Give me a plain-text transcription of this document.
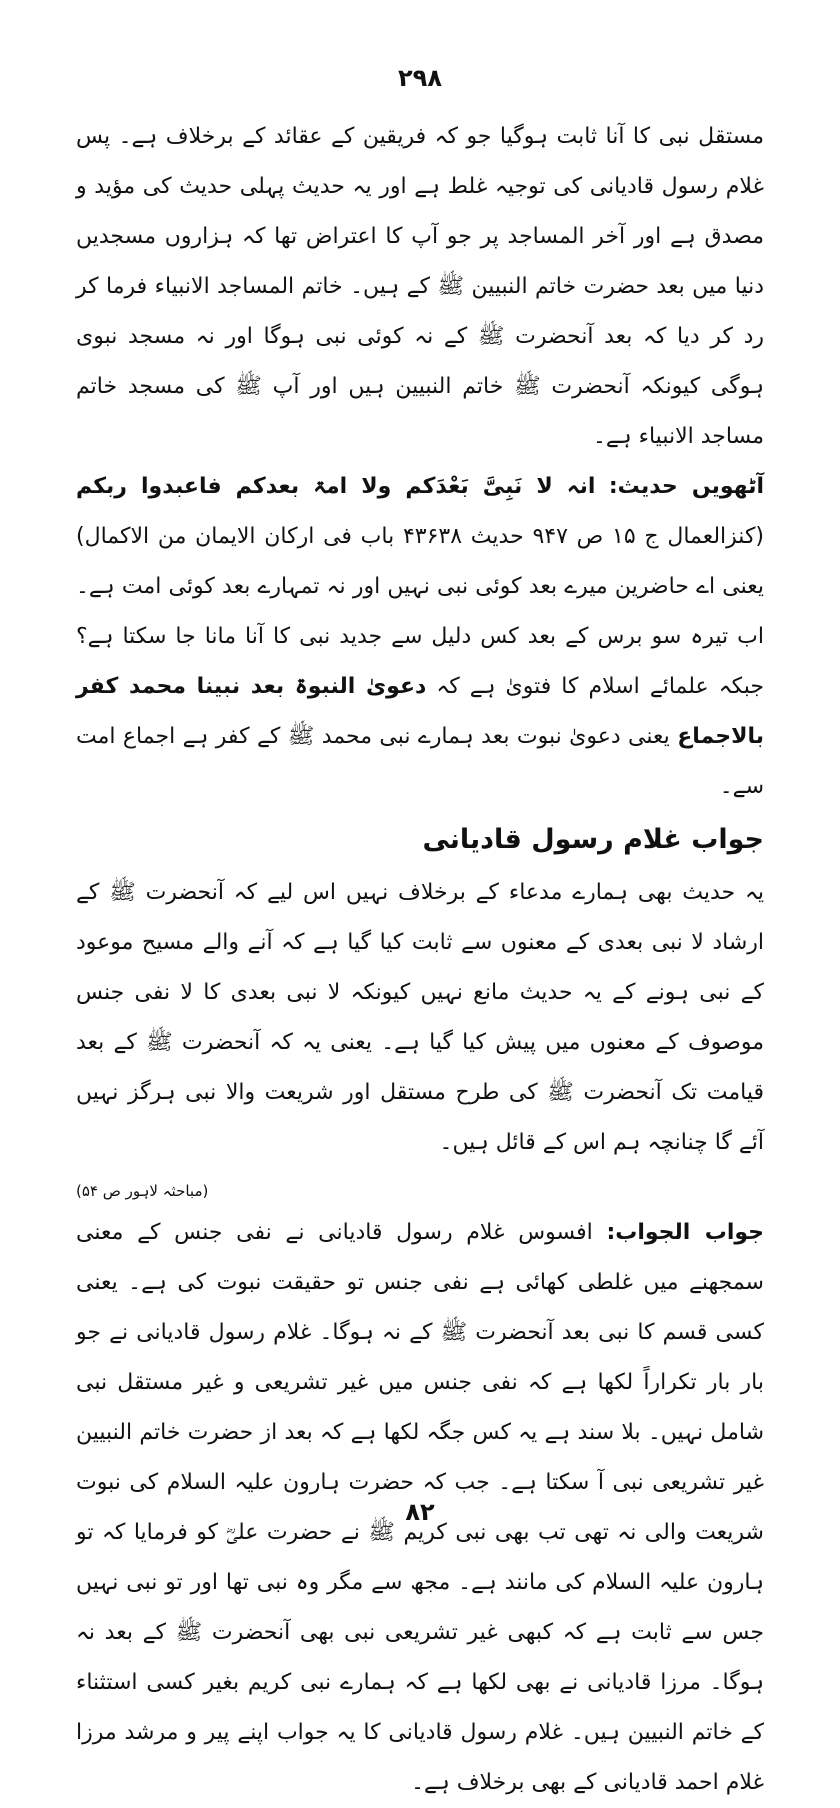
۲۹۸

مستقل نبی کا آنا ثابت ہوگیا جو کہ فریقین کے عقائد کے برخلاف ہے۔ پس غلام رسول قادیانی کی توجیہ غلط ہے اور یہ حدیث پہلی حدیث کی مؤید و مصدق ہے اور آخر المساجد پر جو آپ کا اعتراض تھا کہ ہزاروں مسجدیں دنیا میں بعد حضرت خاتم النبیین ﷺ کے ہیں۔ خاتم المساجد الانبیاء فرما کر رد کر دیا کہ بعد آنحضرت ﷺ کے نہ کوئی نبی ہوگا اور نہ مسجد نبوی ہوگی کیونکہ آنحضرت ﷺ خاتم النبیین ہیں اور آپ ﷺ کی مسجد خاتم مساجد الانبیاء ہے۔

آٹھویں حدیث: انہ لا نَبِیَّ بَعْدَکم ولا امۃ بعدکم فاعبدوا ربکم (کنزالعمال ج ۱۵ ص ۹۴۷ حدیث ۴۳۶۳۸ باب فی ارکان الایمان من الاکمال) یعنی اے حاضرین میرے بعد کوئی نبی نہیں اور نہ تمہارے بعد کوئی امت ہے۔ اب تیرہ سو برس کے بعد کس دلیل سے جدید نبی کا آنا مانا جا سکتا ہے؟ جبکہ علمائے اسلام کا فتویٰ ہے کہ دعویٰ النبوۃ بعد نبینا محمد کفر بالاجماع یعنی دعویٰ نبوت بعد ہمارے نبی محمد ﷺ کے کفر ہے اجماع امت سے۔

جواب غلام رسول قادیانی

یہ حدیث بھی ہمارے مدعاء کے برخلاف نہیں اس لیے کہ آنحضرت ﷺ کے ارشاد لا نبی بعدی کے معنوں سے ثابت کیا گیا ہے کہ آنے والے مسیح موعود کے نبی ہونے کے یہ حدیث مانع نہیں کیونکہ لا نبی بعدی کا لا نفی جنس موصوف کے معنوں میں پیش کیا گیا ہے۔ یعنی یہ کہ آنحضرت ﷺ کے بعد قیامت تک آنحضرت ﷺ کی طرح مستقل اور شریعت والا نبی ہرگز نہیں آئے گا چنانچہ ہم اس کے قائل ہیں۔

(مباحثہ لاہور ص ۵۴)

جواب الجواب: افسوس غلام رسول قادیانی نے نفی جنس کے معنی سمجھنے میں غلطی کھائی ہے نفی جنس تو حقیقت نبوت کی ہے۔ یعنی کسی قسم کا نبی بعد آنحضرت ﷺ کے نہ ہوگا۔ غلام رسول قادیانی نے جو بار بار تکراراً لکھا ہے کہ نفی جنس میں غیر تشریعی و غیر مستقل نبی شامل نہیں۔ بلا سند ہے یہ کس جگہ لکھا ہے کہ بعد از حضرت خاتم النبیین غیر تشریعی نبی آ سکتا ہے۔ جب کہ حضرت ہارون علیہ السلام کی نبوت شریعت والی نہ تھی تب بھی نبی کریم ﷺ نے حضرت علیؓ کو فرمایا کہ تو ہارون علیہ السلام کی مانند ہے۔ مجھ سے مگر وہ نبی تھا اور تو نبی نہیں جس سے ثابت ہے کہ کبھی غیر تشریعی نبی بھی آنحضرت ﷺ کے بعد نہ ہوگا۔ مرزا قادیانی نے بھی لکھا ہے کہ ہمارے نبی کریم بغیر کسی استثناء کے خاتم النبیین ہیں۔ غلام رسول قادیانی کا یہ جواب اپنے پیر و مرشد مرزا غلام احمد قادیانی کے بھی برخلاف ہے۔

۸۲
